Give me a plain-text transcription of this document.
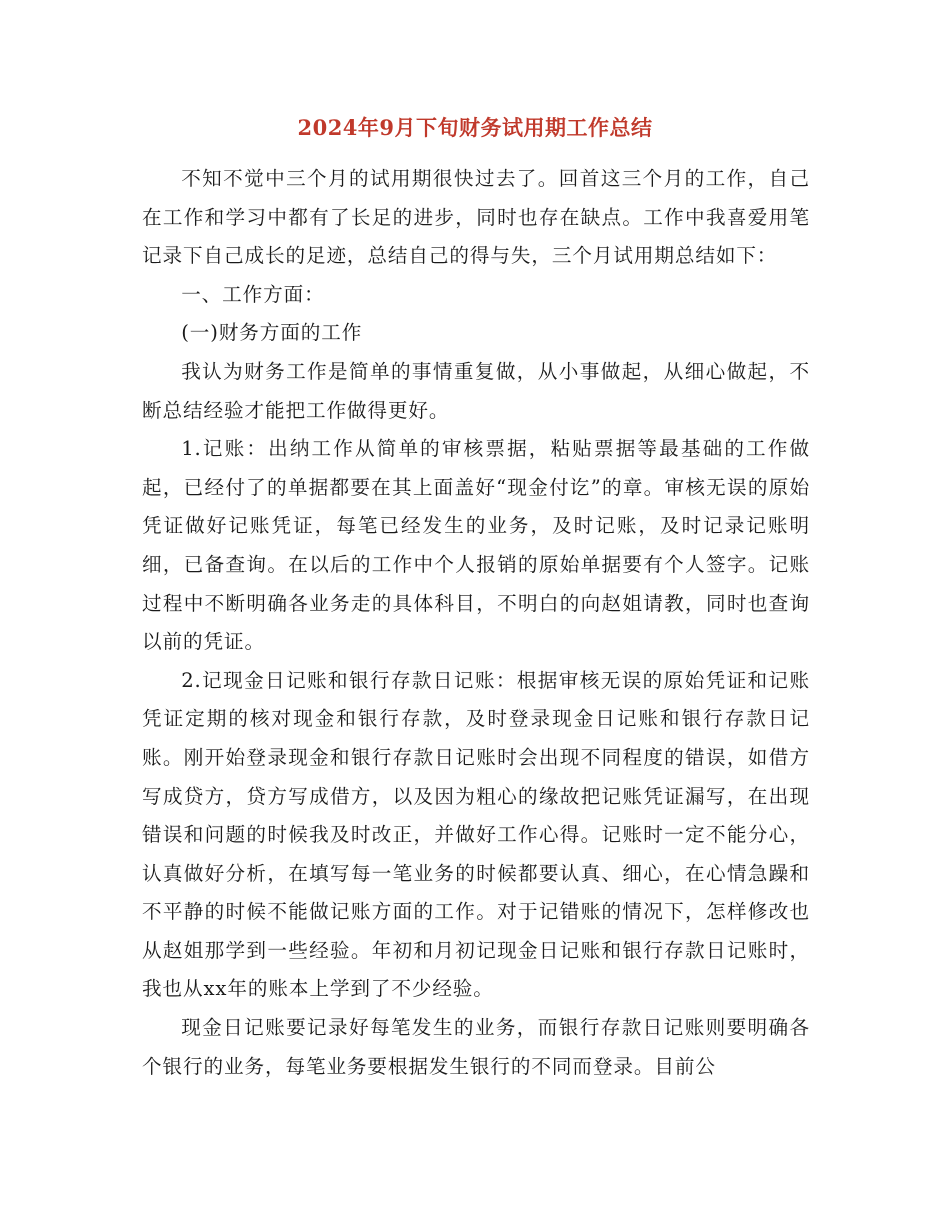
2024年9月下旬财务试用期工作总结

不知不觉中三个月的试用期很快过去了。回首这三个月的工作，自己在工作和学习中都有了长足的进步，同时也存在缺点。工作中我喜爱用笔记录下自己成长的足迹，总结自己的得与失，三个月试用期总结如下：

一、工作方面：

(一)财务方面的工作

我认为财务工作是简单的事情重复做，从小事做起，从细心做起，不断总结经验才能把工作做得更好。

1.记账：出纳工作从简单的审核票据，粘贴票据等最基础的工作做起，已经付了的单据都要在其上面盖好“现金付讫”的章。审核无误的原始凭证做好记账凭证，每笔已经发生的业务，及时记账，及时记录记账明细，已备查询。在以后的工作中个人报销的原始单据要有个人签字。记账过程中不断明确各业务走的具体科目，不明白的向赵姐请教，同时也查询以前的凭证。

2.记现金日记账和银行存款日记账：根据审核无误的原始凭证和记账凭证定期的核对现金和银行存款，及时登录现金日记账和银行存款日记账。刚开始登录现金和银行存款日记账时会出现不同程度的错误，如借方写成贷方，贷方写成借方，以及因为粗心的缘故把记账凭证漏写，在出现错误和问题的时候我及时改正，并做好工作心得。记账时一定不能分心，认真做好分析，在填写每一笔业务的时候都要认真、细心，在心情急躁和不平静的时候不能做记账方面的工作。对于记错账的情况下，怎样修改也从赵姐那学到一些经验。年初和月初记现金日记账和银行存款日记账时，我也从xx年的账本上学到了不少经验。

现金日记账要记录好每笔发生的业务，而银行存款日记账则要明确各个银行的业务，每笔业务要根据发生银行的不同而登录。目前公
